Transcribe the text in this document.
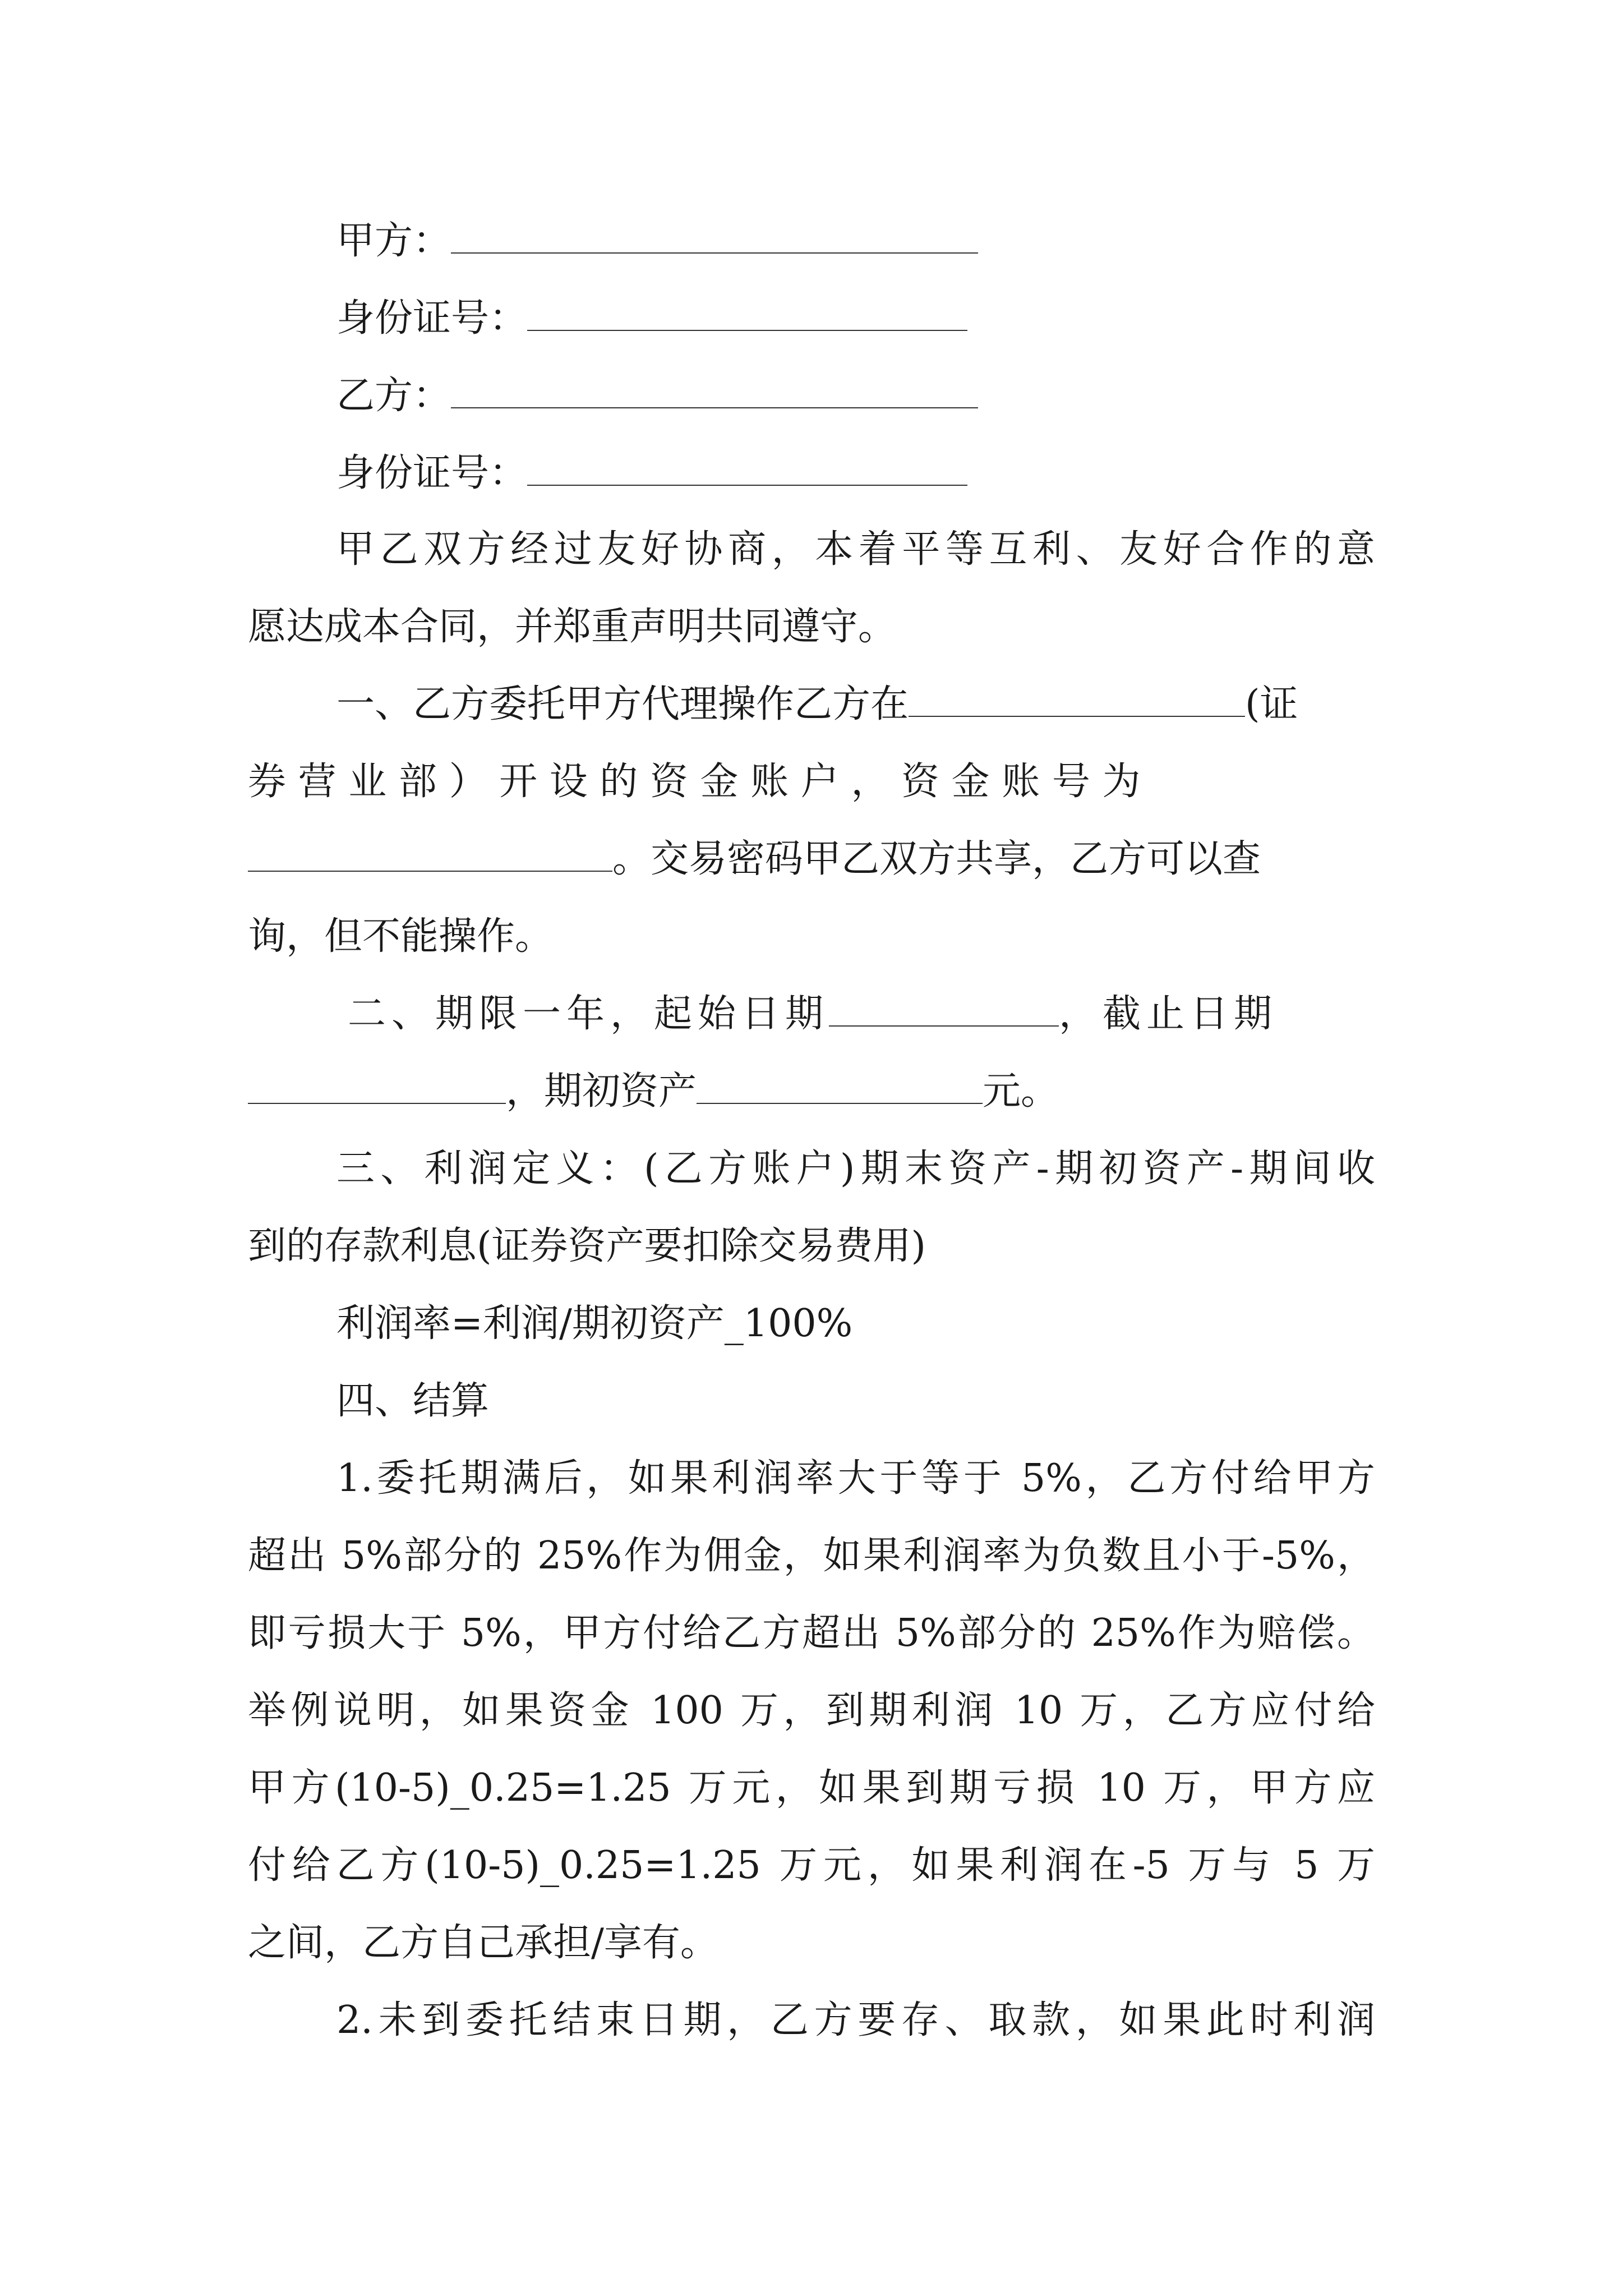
甲方：
身份证号：
乙方：
身份证号：
甲乙双方经过友好协商，本着平等互利、友好合作的意
愿达成本合同，并郑重声明共同遵守。
一、乙方委托甲方代理操作乙方在	(证
券 营 业 部 ） 开 设 的 资 金 账 户 ， 资 金 账 号 为
。交易密码甲乙双方共享，乙方可以查
询，但不能操作。
二、期限一年，起始日期	，截止日期
，期初资产	元。
三、利润定义：(乙方账户)期末资产-期初资产-期间收
到的存款利息(证券资产要扣除交易费用)
利润率=利润/期初资产_100%
四、结算
1.委托期满后，如果利润率大于等于 5%，乙方付给甲方
超出 5%部分的 25%作为佣金，如果利润率为负数且小于-5%，
即亏损大于 5%，甲方付给乙方超出 5%部分的 25%作为赔偿。
举例说明，如果资金 100 万，到期利润 10 万，乙方应付给
甲方(10-5)_0.25=1.25 万元，如果到期亏损 10 万，甲方应
付给乙方(10-5)_0.25=1.25 万元，如果利润在-5 万与 5 万
之间，乙方自己承担/享有。
2.未到委托结束日期，乙方要存、取款，如果此时利润
